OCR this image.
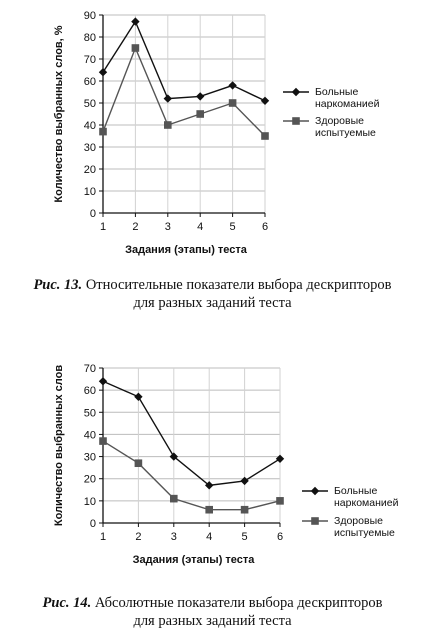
0
10
20
30
40
50
60
70
80
90
1 2 3 4 5 6
Задания (этапы) теста
Количество выбранных слов, %	Больные
наркоманией
Здоровые
испытуемые
Рис. 13. Относительные показатели выбора дескрипторов
для разных заданий теста
0
10
20
30
40
50
60
70
1	2	3	4	5	6
Задания (этапы) теста
Количество выбранных слов	Больные
наркоманией
Здоровые
испытуемые
Рис. 14. Абсолютные показатели выбора дескрипторов
для разных заданий теста
